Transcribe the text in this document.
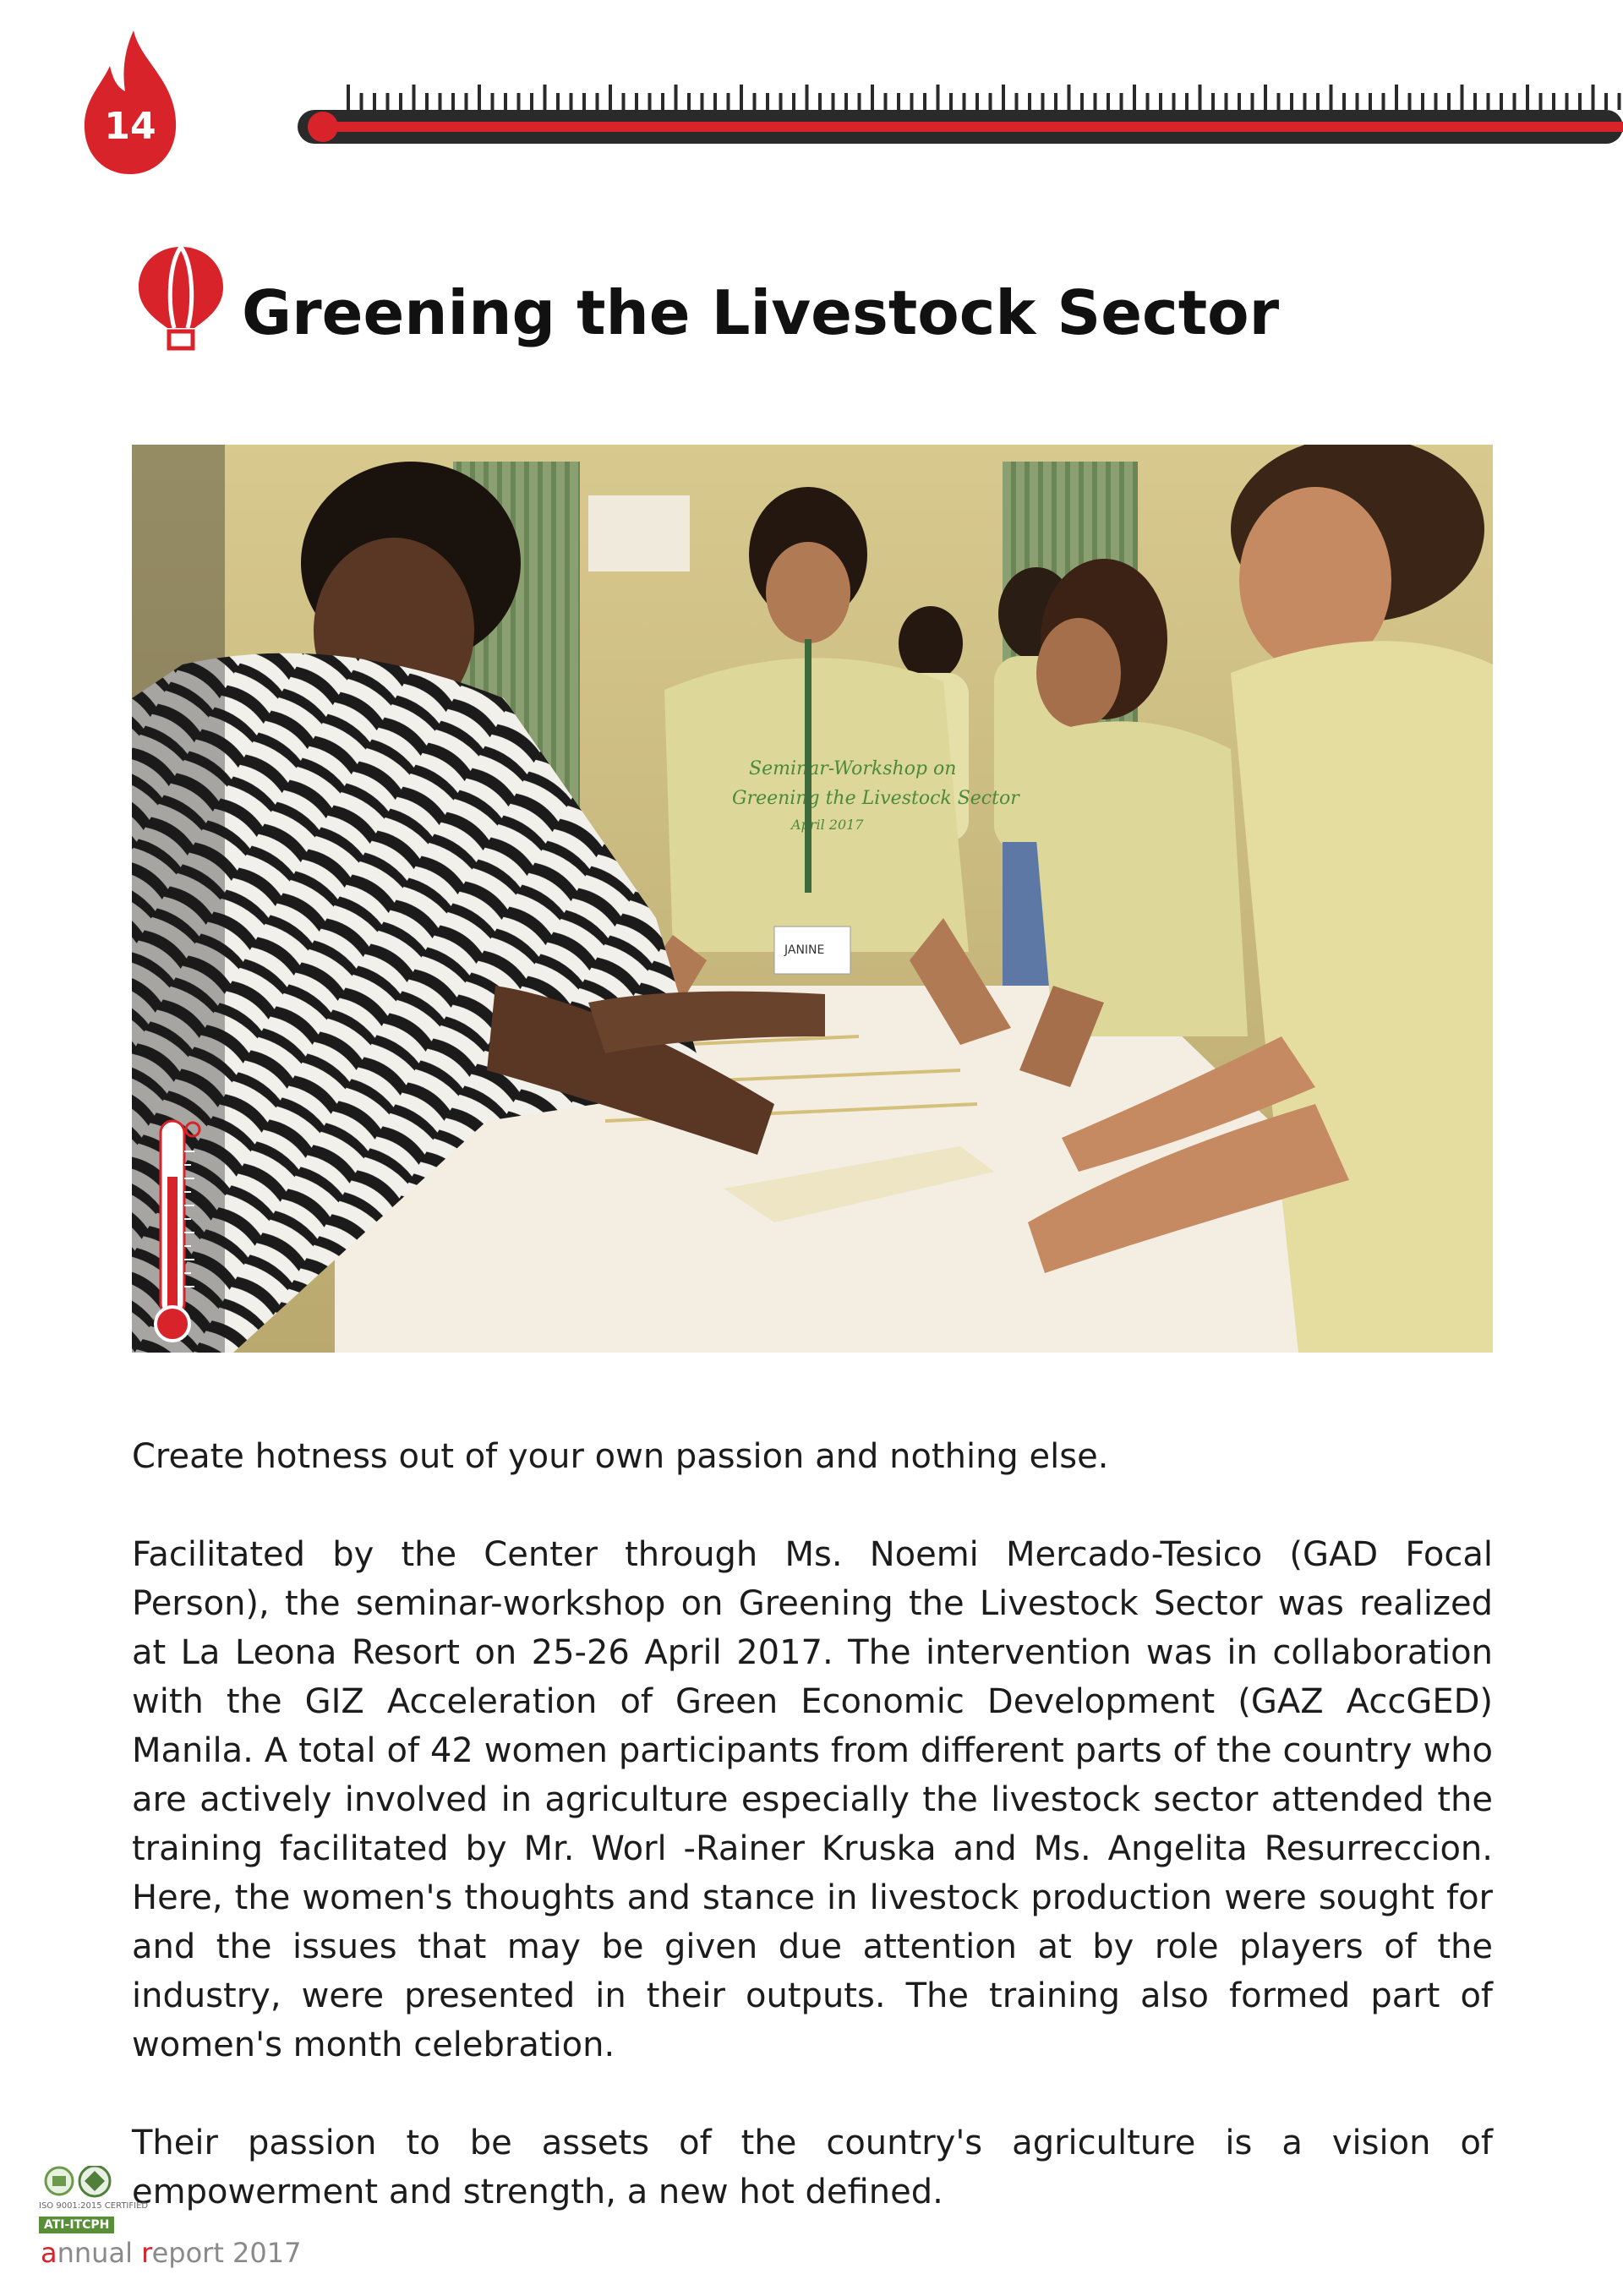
14
Greening the Livestock Sector
Seminar-Workshop on
Greening the Livestock Sector
April 2017
JANINE

Create hotness out of your own passion and nothing else.

Facilitated by the Center through Ms. Noemi Mercado-Tesico (GAD Focal Person), the seminar-workshop on Greening the Livestock Sector was realized at La Leona Resort on 25-26 April 2017. The intervention was in collaboration with the GIZ Acceleration of Green Economic Development (GAZ AccGED) Manila. A total of 42 women participants from different parts of the country who are actively involved in agriculture especially the livestock sector attended the training facilitated by Mr. Worl -Rainer Kruska and Ms. Angelita Resurreccion. Here, the women's thoughts and stance in livestock production were sought for and the issues that may be given due attention at by role players of the industry, were presented in their outputs. The training also formed part of women's month celebration.

Their passion to be assets of the country's agriculture is a vision of empowerment and strength, a new hot defined.

ISO 9001:2015 CERTIFIED
ATI-ITCPH
annual report 2017
